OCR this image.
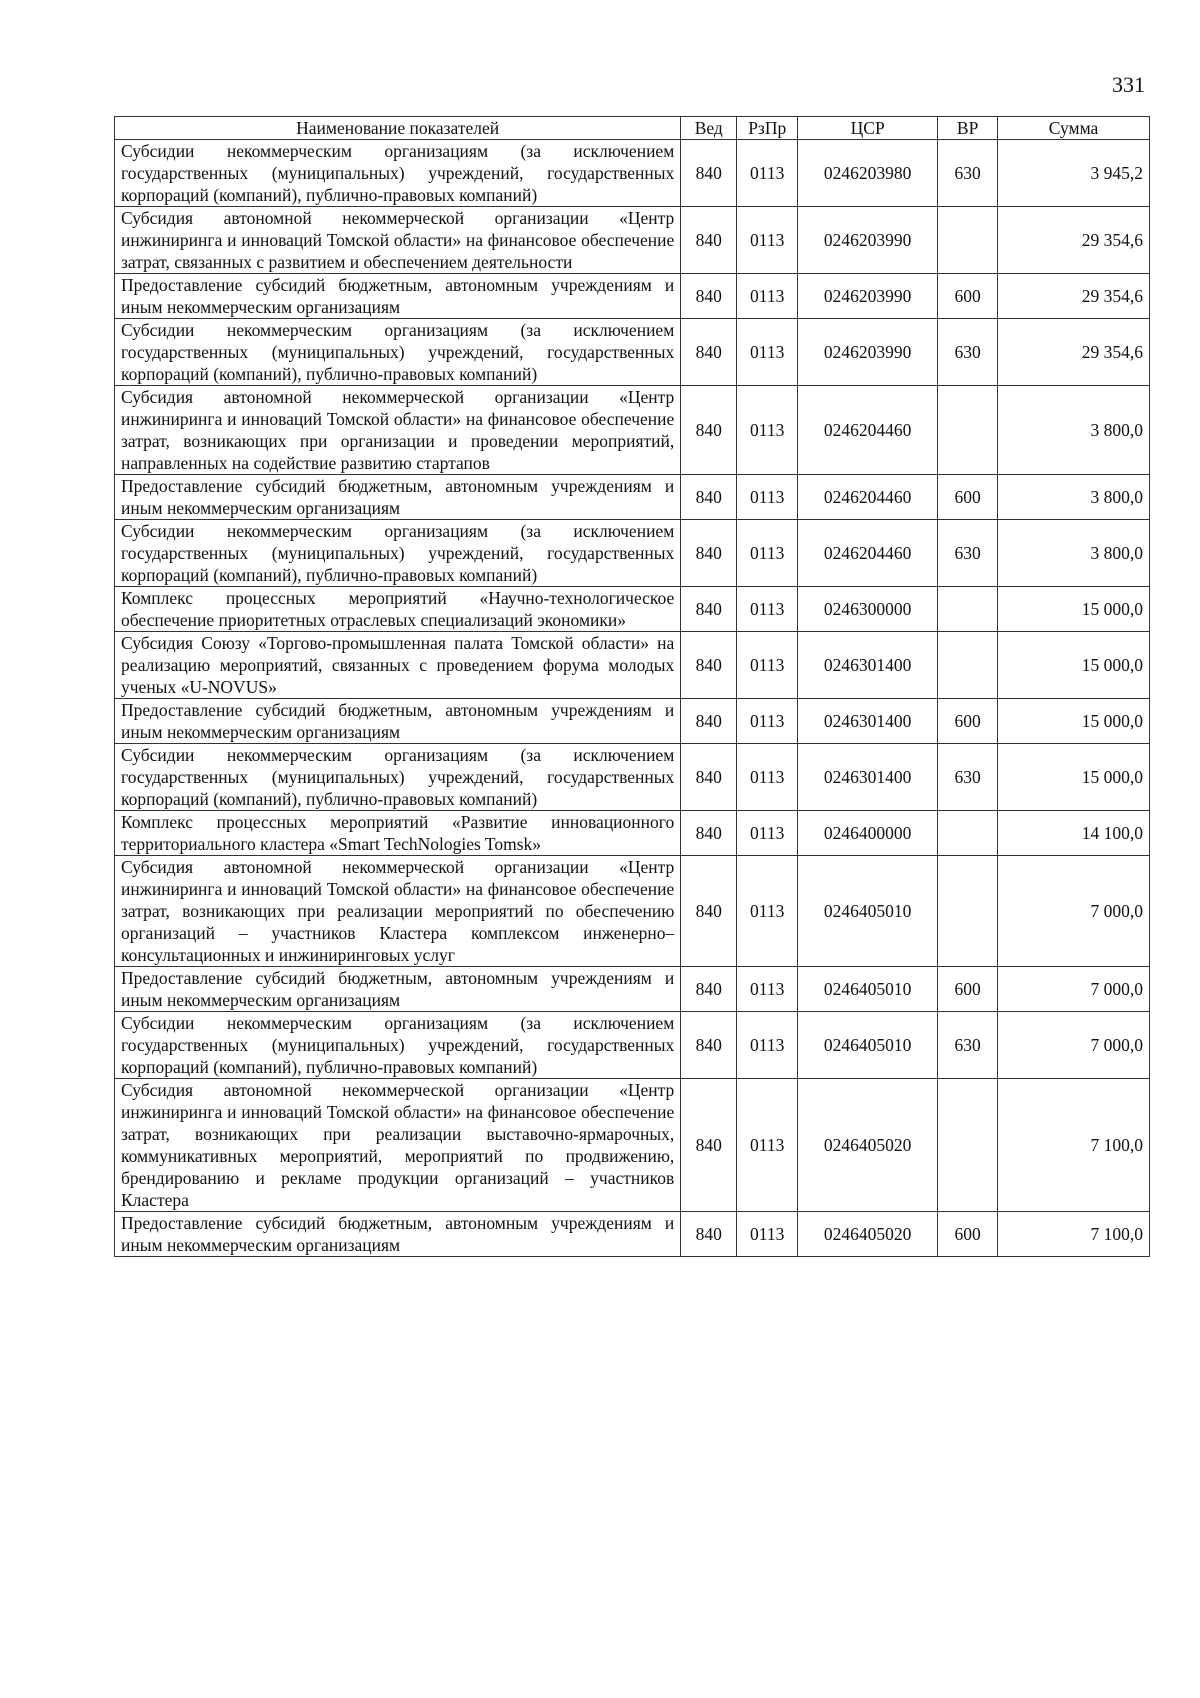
331
Наименование показателей	Вед	РзПр	ЦСР	ВР	Сумма
Субсидии некоммерческим организациям (за исключением государственных (муниципальных) учреждений, государственных корпораций (компаний), публично-правовых компаний)	840	0113	0246203980	630	3 945,2
Субсидия автономной некоммерческой организации «Центр инжиниринга и инноваций Томской области» на финансовое обеспечение затрат, связанных с развитием и обеспечением деятельности	840	0113	0246203990		29 354,6
Предоставление субсидий бюджетным, автономным учреждениям и иным некоммерческим организациям	840	0113	0246203990	600	29 354,6
Субсидии некоммерческим организациям (за исключением государственных (муниципальных) учреждений, государственных корпораций (компаний), публично-правовых компаний)	840	0113	0246203990	630	29 354,6
Субсидия автономной некоммерческой организации «Центр инжиниринга и инноваций Томской области» на финансовое обеспечение затрат, возникающих при организации и проведении мероприятий, направленных на содействие развитию стартапов	840	0113	0246204460		3 800,0
Предоставление субсидий бюджетным, автономным учреждениям и иным некоммерческим организациям	840	0113	0246204460	600	3 800,0
Субсидии некоммерческим организациям (за исключением государственных (муниципальных) учреждений, государственных корпораций (компаний), публично-правовых компаний)	840	0113	0246204460	630	3 800,0
Комплекс процессных мероприятий «Научно-технологическое обеспечение приоритетных отраслевых специализаций экономики»	840	0113	0246300000		15 000,0
Субсидия Союзу «Торгово-промышленная палата Томской области» на реализацию мероприятий, связанных с проведением форума молодых ученых «U-NOVUS»	840	0113	0246301400		15 000,0
Предоставление субсидий бюджетным, автономным учреждениям и иным некоммерческим организациям	840	0113	0246301400	600	15 000,0
Субсидии некоммерческим организациям (за исключением государственных (муниципальных) учреждений, государственных корпораций (компаний), публично-правовых компаний)	840	0113	0246301400	630	15 000,0
Комплекс процессных мероприятий «Развитие инновационного территориального кластера «Smart TechNologies Tomsk»	840	0113	0246400000		14 100,0
Субсидия автономной некоммерческой организации «Центр инжиниринга и инноваций Томской области» на финансовое обеспечение затрат, возникающих при реализации мероприятий по обеспечению организаций – участников Кластера комплексом инженерно–консультационных и инжиниринговых услуг	840	0113	0246405010		7 000,0
Предоставление субсидий бюджетным, автономным учреждениям и иным некоммерческим организациям	840	0113	0246405010	600	7 000,0
Субсидии некоммерческим организациям (за исключением государственных (муниципальных) учреждений, государственных корпораций (компаний), публично-правовых компаний)	840	0113	0246405010	630	7 000,0
Субсидия автономной некоммерческой организации «Центр инжиниринга и инноваций Томской области» на финансовое обеспечение затрат, возникающих при реализации выставочно-ярмарочных, коммуникативных мероприятий, мероприятий по продвижению, брендированию и рекламе продукции организаций – участников Кластера	840	0113	0246405020		7 100,0
Предоставление субсидий бюджетным, автономным учреждениям и иным некоммерческим организациям	840	0113	0246405020	600	7 100,0
